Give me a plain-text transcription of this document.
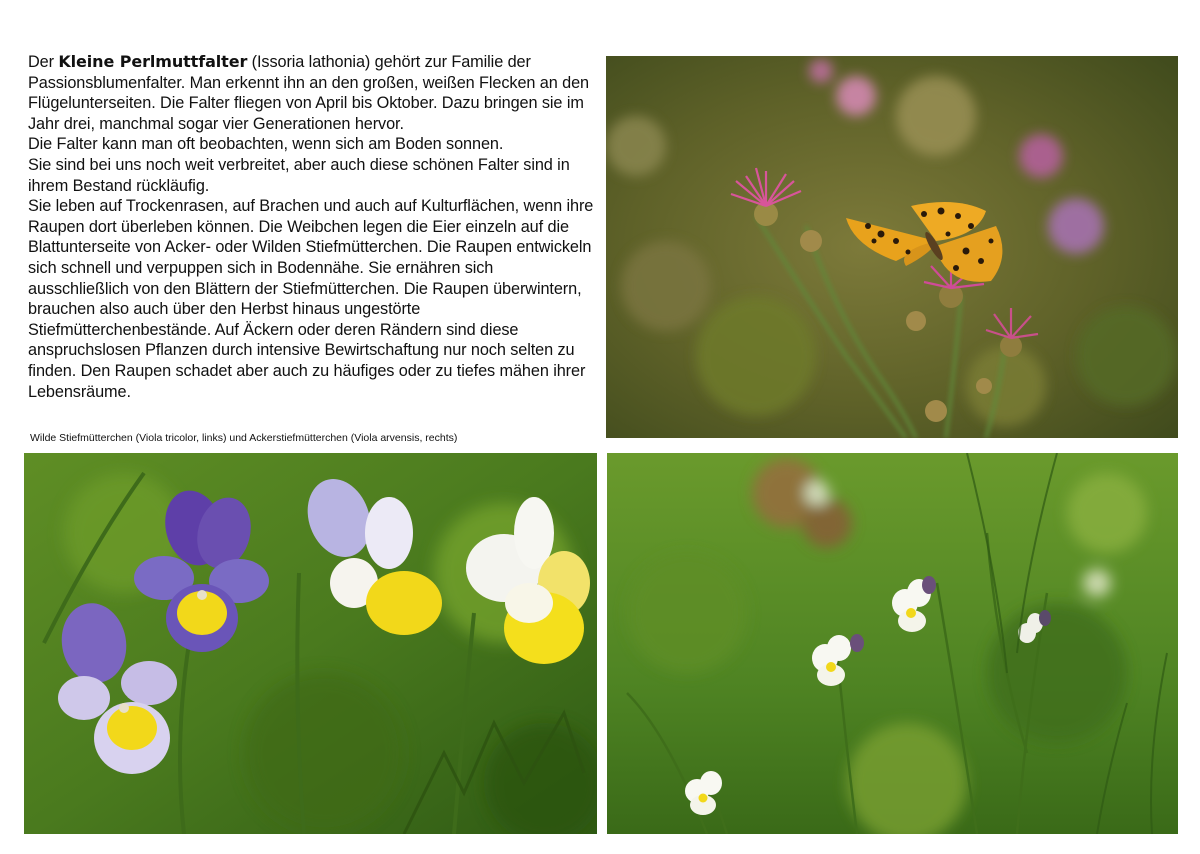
Der Kleine Perlmuttfalter (Issoria lathonia) gehört zur Familie der Passionsblumenfalter. Man erkennt ihn an den großen, weißen Flecken an den Flügelunterseiten. Die Falter fliegen von April bis Oktober. Dazu bringen sie im Jahr drei, manchmal sogar vier Generationen hervor.

Die Falter kann man oft beobachten, wenn sich am Boden sonnen.

Sie sind bei uns noch weit verbreitet, aber auch diese schönen Falter sind in ihrem Bestand rückläufig.

Sie leben auf Trockenrasen, auf Brachen und auch auf Kulturflächen, wenn ihre Raupen dort überleben können. Die Weibchen legen die Eier einzeln auf die Blattunterseite von Acker- oder Wilden Stiefmütterchen. Die Raupen entwickeln sich schnell und verpuppen sich in Bodennähe. Sie ernähren sich ausschließlich von den Blättern der Stiefmütterchen. Die Raupen überwintern, brauchen also auch über den Herbst hinaus ungestörte Stiefmütterchenbestände. Auf Äckern oder deren Rändern sind diese anspruchslosen Pflanzen durch intensive Bewirtschaftung nur noch selten zu finden. Den Raupen schadet aber auch zu häufiges oder zu tiefes mähen ihrer Lebensräume.

Wilde Stiefmütterchen (Viola tricolor, links) und Ackerstiefmütterchen (Viola arvensis, rechts)
